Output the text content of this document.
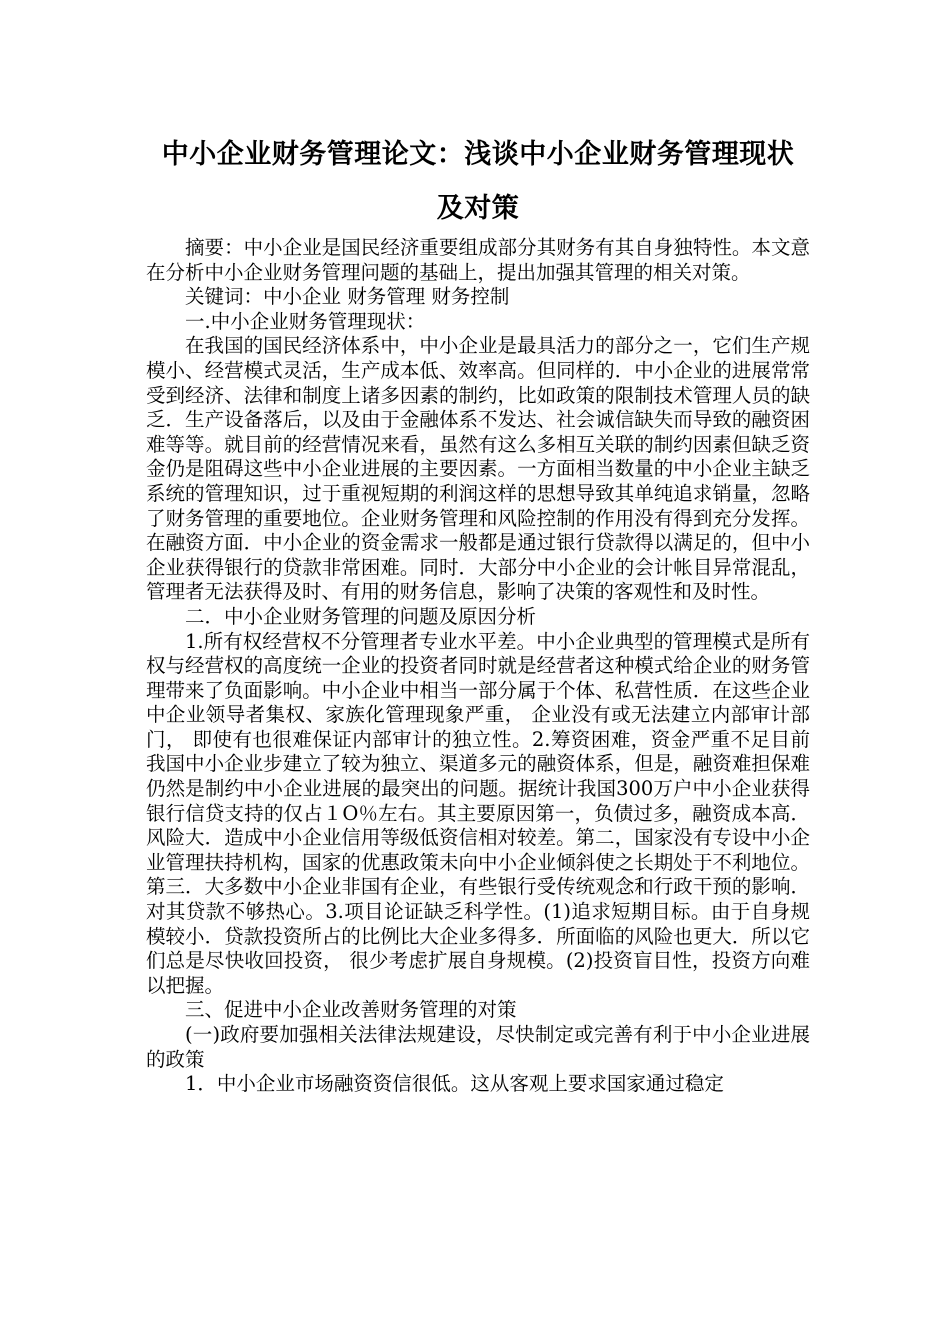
中小企业财务管理论文：浅谈中小企业财务管理现状
及对策

摘要：中小企业是国民经济重要组成部分其财务有其自身独特性。本文意在分析中小企业财务管理问题的基础上，提出加强其管理的相关对策。

关键词：中小企业 财务管理 财务控制

一.中小企业财务管理现状：

在我国的国民经济体系中，中小企业是最具活力的部分之一，它们生产规模小、经营模式灵活，生产成本低、效率高。但同样的．中小企业的进展常常受到经济、法律和制度上诸多因素的制约，比如政策的限制技术管理人员的缺乏．生产设备落后，以及由于金融体系不发达、社会诚信缺失而导致的融资困难等等。就目前的经营情况来看，虽然有这么多相互关联的制约因素但缺乏资金仍是阻碍这些中小企业进展的主要因素。一方面相当数量的中小企业主缺乏系统的管理知识，过于重视短期的利润这样的思想导致其单纯追求销量，忽略了财务管理的重要地位。企业财务管理和风险控制的作用没有得到充分发挥。在融资方面．中小企业的资金需求一般都是通过银行贷款得以满足的，但中小企业获得银行的贷款非常困难。同时．大部分中小企业的会计帐目异常混乱，管理者无法获得及时、有用的财务信息，影响了决策的客观性和及时性。

二．中小企业财务管理的问题及原因分析

1.所有权经营权不分管理者专业水平差。中小企业典型的管理模式是所有权与经营权的高度统一企业的投资者同时就是经营者这种模式给企业的财务管理带来了负面影响。中小企业中相当一部分属于个体、私营性质．在这些企业中企业领导者集权、家族化管理现象严重， 企业没有或无法建立内部审计部门， 即使有也很难保证内部审计的独立性。2.筹资困难，资金严重不足目前我国中小企业步建立了较为独立、渠道多元的融资体系，但是，融资难担保难仍然是制约中小企业进展的最突出的问题。据统计我国300万户中小企业获得银行信贷支持的仅占１O％左右。其主要原因第一，负债过多，融资成本高．风险大．造成中小企业信用等级低资信相对较差。第二，国家没有专设中小企业管理扶持机构，国家的优惠政策未向中小企业倾斜使之长期处于不利地位。第三．大多数中小企业非国有企业，有些银行受传统观念和行政干预的影响．对其贷款不够热心。3.项目论证缺乏科学性。(1)追求短期目标。由于自身规模较小．贷款投资所占的比例比大企业多得多．所面临的风险也更大．所以它们总是尽快收回投资， 很少考虑扩展自身规模。(2)投资盲目性，投资方向难以把握。

三、促进中小企业改善财务管理的对策

(一)政府要加强相关法律法规建设，尽快制定或完善有利于中小企业进展的政策

1．中小企业市场融资资信很低。这从客观上要求国家通过稳定
